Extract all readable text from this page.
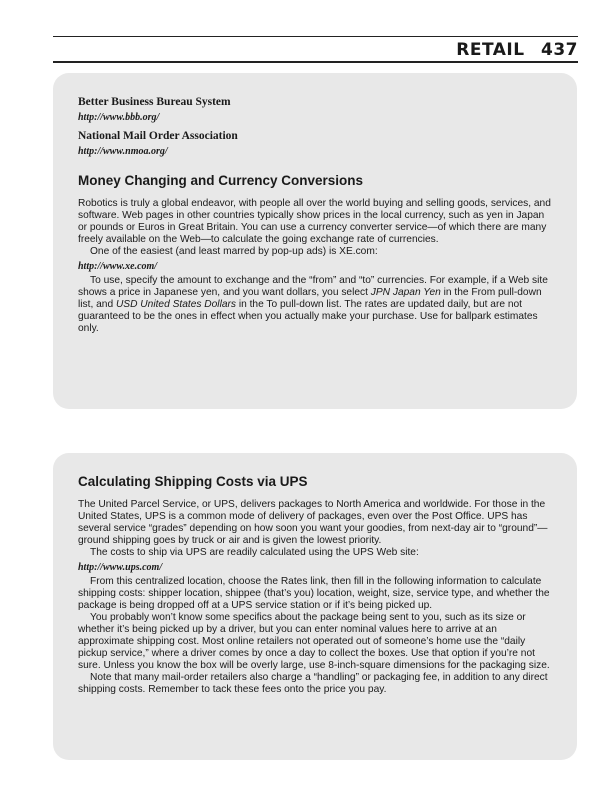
RETAIL 437
Better Business Bureau System
http://www.bbb.org/
National Mail Order Association
http://www.nmoa.org/
Money Changing and Currency Conversions

Robotics is truly a global endeavor, with people all over the world buying and selling goods, services, and software. Web pages in other countries typically show prices in the local currency, such as yen in Japan or pounds or Euros in Great Britain. You can use a currency converter service—of which there are many freely available on the Web—to calculate the going exchange rate of currencies.

One of the easiest (and least marred by pop-up ads) is XE.com:

http://www.xe.com/

To use, specify the amount to exchange and the “from” and “to” currencies. For example, if a Web site shows a price in Japanese yen, and you want dollars, you select JPN Japan Yen in the From pull-down list, and USD United States Dollars in the To pull-down list. The rates are updated daily, but are not guaranteed to be the ones in effect when you actually make your purchase. Use for ballpark estimates only.

Calculating Shipping Costs via UPS

The United Parcel Service, or UPS, delivers packages to North America and worldwide. For those in the United States, UPS is a common mode of delivery of packages, even over the Post Office. UPS has several service “grades” depending on how soon you want your goodies, from next-day air to “ground”—ground shipping goes by truck or air and is given the lowest priority.

The costs to ship via UPS are readily calculated using the UPS Web site:

http://www.ups.com/

From this centralized location, choose the Rates link, then fill in the following information to calculate shipping costs: shipper location, shippee (that’s you) location, weight, size, service type, and whether the package is being dropped off at a UPS service station or if it’s being picked up.

You probably won’t know some specifics about the package being sent to you, such as its size or whether it’s being picked up by a driver, but you can enter nominal values here to arrive at an approximate shipping cost. Most online retailers not operated out of someone’s home use the “daily pickup service,” where a driver comes by once a day to collect the boxes. Use that option if you’re not sure. Unless you know the box will be overly large, use 8-inch-square dimensions for the packaging size.

Note that many mail-order retailers also charge a “handling” or packaging fee, in addition to any direct shipping costs. Remember to tack these fees onto the price you pay.
